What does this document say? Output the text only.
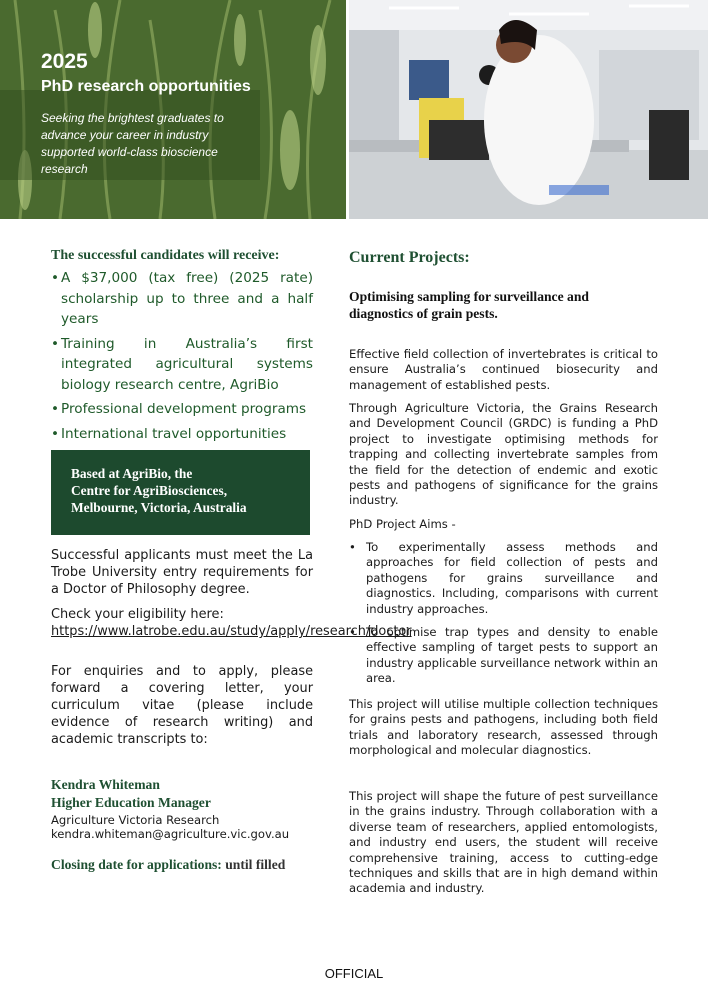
2025
PhD research opportunities
Seeking the brightest graduates to advance your career in industry supported world-class bioscience research
The successful candidates will receive:
• A $37,000 (tax free) (2025 rate) scholarship up to three and a half years
• Training in Australia’s first integrated agricultural systems biology research centre, AgriBio
• Professional development programs
• International travel opportunities
Based at AgriBio, the
Centre for AgriBiosciences,
Melbourne, Victoria, Australia
Successful applicants must meet the La Trobe University entry requirements for a Doctor of Philosophy degree.
Check your eligibility here:
https://www.latrobe.edu.au/study/apply/research/doctor
For enquiries and to apply, please forward a covering letter, your curriculum vitae (please include evidence of research writing) and academic transcripts to:
Kendra Whiteman
Higher Education Manager
Agriculture Victoria Research
kendra.whiteman@agriculture.vic.gov.au
Closing date for applications: until filled
Current Projects:
Optimising sampling for surveillance and diagnostics of grain pests.
Effective field collection of invertebrates is critical to ensure Australia’s continued biosecurity and management of established pests.
Through Agriculture Victoria, the Grains Research and Development Council (GRDC) is funding a PhD project to investigate optimising methods for trapping and collecting invertebrate samples from the field for the detection of endemic and exotic pests and pathogens of significance for the grains industry.
PhD Project Aims -
• To experimentally assess methods and approaches for field collection of pests and pathogens for grains surveillance and diagnostics. Including, comparisons with current industry approaches.
• To optimise trap types and density to enable effective sampling of target pests to support an industry applicable surveillance network within an area.
This project will utilise multiple collection techniques for grains pests and pathogens, including both field trials and laboratory research, assessed through morphological and molecular diagnostics.
This project will shape the future of pest surveillance in the grains industry. Through collaboration with a diverse team of researchers, applied entomologists, and industry end users, the student will receive comprehensive training, access to cutting-edge techniques and skills that are in high demand within academia and industry.
OFFICIAL
